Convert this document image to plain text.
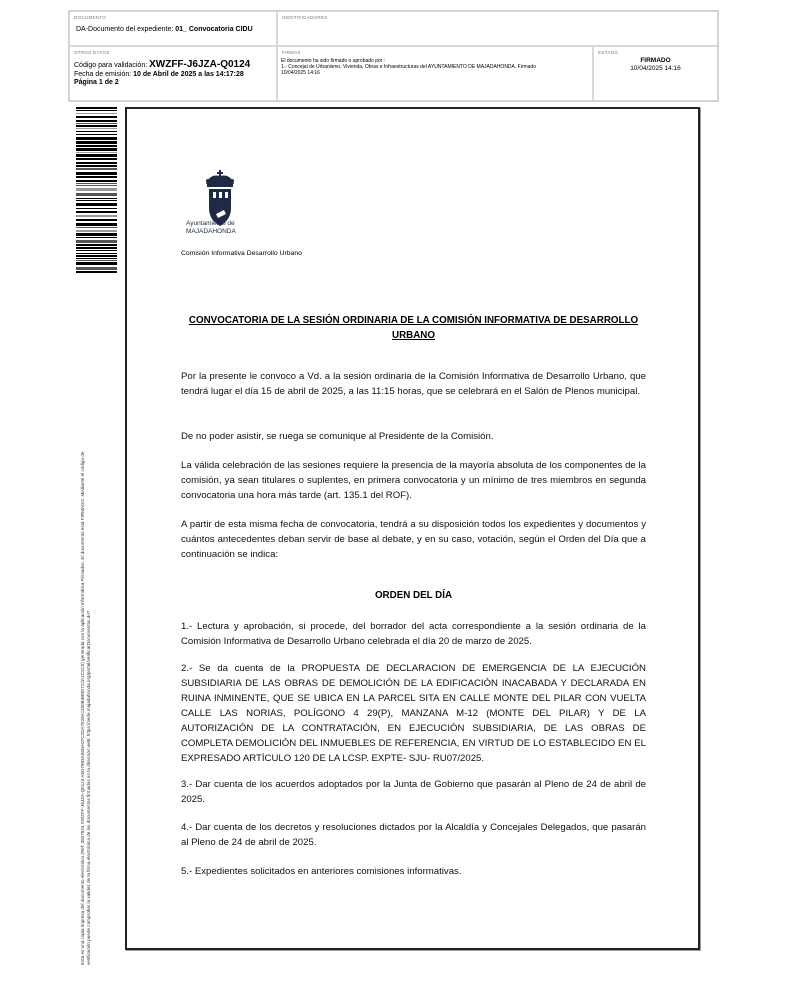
DOCUMENTO
DA-Documento del expediente: 01_ Convocatoria CIDU
IDENTIFICADORES
OTROS DATOS
Código para validación: XWZFF-J6JZA-Q0124
Fecha de emisión: 10 de Abril de 2025 a las 14:17:28
Página 1 de 2
FIRMAS
El documento ha sido firmado o aprobado por :
1.- Concejal de Urbanismo, Vivienda, Obras e Infraestructuras del AYUNTAMIENTO DE MAJADAHONDA. Firmado
10/04/2025 14:16
ESTADO
FIRMADO
10/04/2025 14:16
Esta es una copia impresa del documento electrónico (Ref: 3507824 XWZFF-J6JZA-Q0124 A5D7983A58DA07C2DA7528A1150B3B8D712A1C1C5) generada con la aplicación informática Firmadoc. El documento está FIRMADO. Mediante el código de verificación puede comprobar la validez de la firma electrónica de los documentos firmados en la dirección web: https://sede.majadahonda.org/portal/verificarDocumentos.do?
Ayuntamiento de
MAJADAHONDA
Comisión Informativa Desarrollo Urbano
CONVOCATORIA DE LA SESIÓN ORDINARIA DE LA COMISIÓN INFORMATIVA DE DESARROLLO URBANO
Por la presente le convoco a Vd. a la sesión ordinaria de la Comisión Informativa de Desarrollo Urbano, que tendrá lugar el día 15 de abril de 2025, a las 11:15 horas, que se celebrará en el Salón de Plenos municipal.
De no poder asistir, se ruega se comunique al Presidente de la Comisión.
La válida celebración de las sesiones requiere la presencia de la mayoría absoluta de los componentes de la comisión, ya sean titulares o suplentes, en primera convocatoria y un mínimo de tres miembros en segunda convocatoria una hora más tarde (art. 135.1 del ROF).
A partir de esta misma fecha de convocatoria, tendrá a su disposición todos los expedientes y documentos y cuántos antecedentes deban servir de base al debate, y en su caso, votación, según el Orden del Día que a continuación se indica:
ORDEN DEL DÍA
1.- Lectura y aprobación, si procede, del borrador del acta correspondiente a la sesión ordinaria de la Comisión Informativa de Desarrollo Urbano celebrada el día 20 de marzo de 2025.
2.- Se da cuenta de la PROPUESTA DE DECLARACION DE EMERGENCIA DE LA EJECUCIÓN SUBSIDIARIA DE LAS OBRAS DE DEMOLICIÓN DE LA EDIFICACIÓN INACABADA Y DECLARADA EN RUINA INMINENTE, QUE SE UBICA EN LA PARCEL SITA EN CALLE MONTE DEL PILAR CON VUELTA CALLE LAS NORIAS, POLÍGONO 4 29(P), MANZANA M-12 (MONTE DEL PILAR) Y DE LA AUTORIZACIÓN DE LA CONTRATACIÓN, EN EJECUCIÓN SUBSIDIARIA, DE LAS OBRAS DE COMPLETA DEMOLICIÓN DEL INMUEBLES DE REFERENCIA, EN VIRTUD DE LO ESTABLECIDO EN EL EXPRESADO ARTÍCULO 120 DE LA LCSP. EXPTE- SJU- RU07/2025.
3.- Dar cuenta de los acuerdos adoptados por la Junta de Gobierno que pasarán al Pleno de 24 de abril de 2025.
4.- Dar cuenta de los decretos y resoluciones dictados por la Alcaldía y Concejales Delegados, que pasarán al Pleno de 24 de abril de 2025.
5.- Expedientes solicitados en anteriores comisiones informativas.
